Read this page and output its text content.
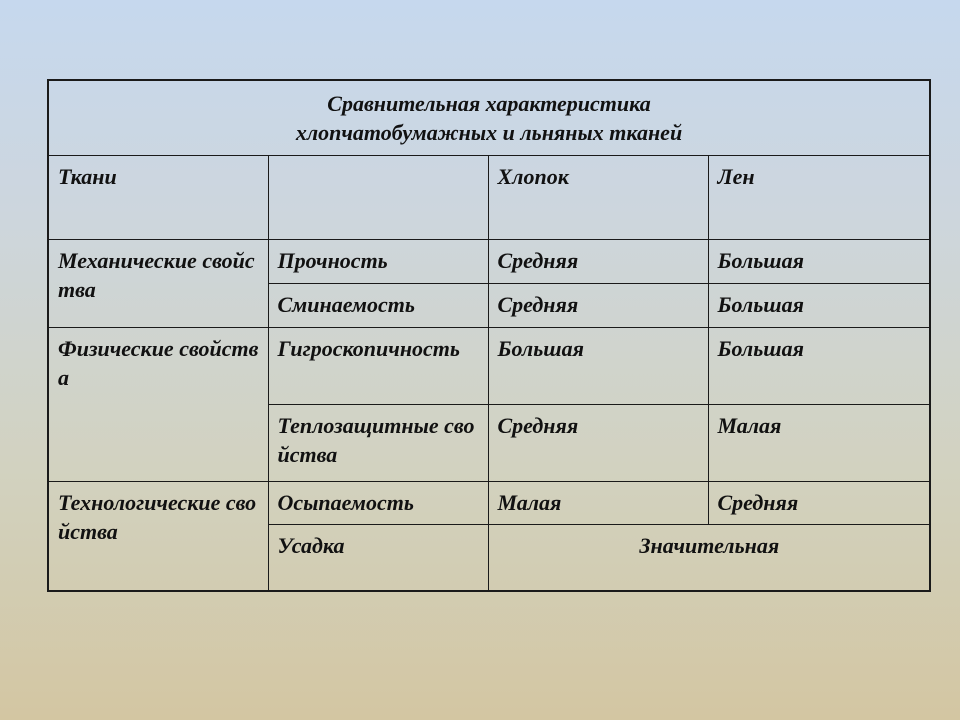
Сравнительная характеристика
хлопчатобумажных и льняных тканей			

Ткани		Хлопок	Лен
Механические свойства	Прочность	Средняя	Большая
	Сминаемость	Средняя	Большая
Физические свойства	Гигроскопичность	Большая	Большая
	Теплозащитные свойства	Средняя	Малая
Технологические свойства	Осыпаемость	Малая	Средняя
	Усадка	Значительная	
